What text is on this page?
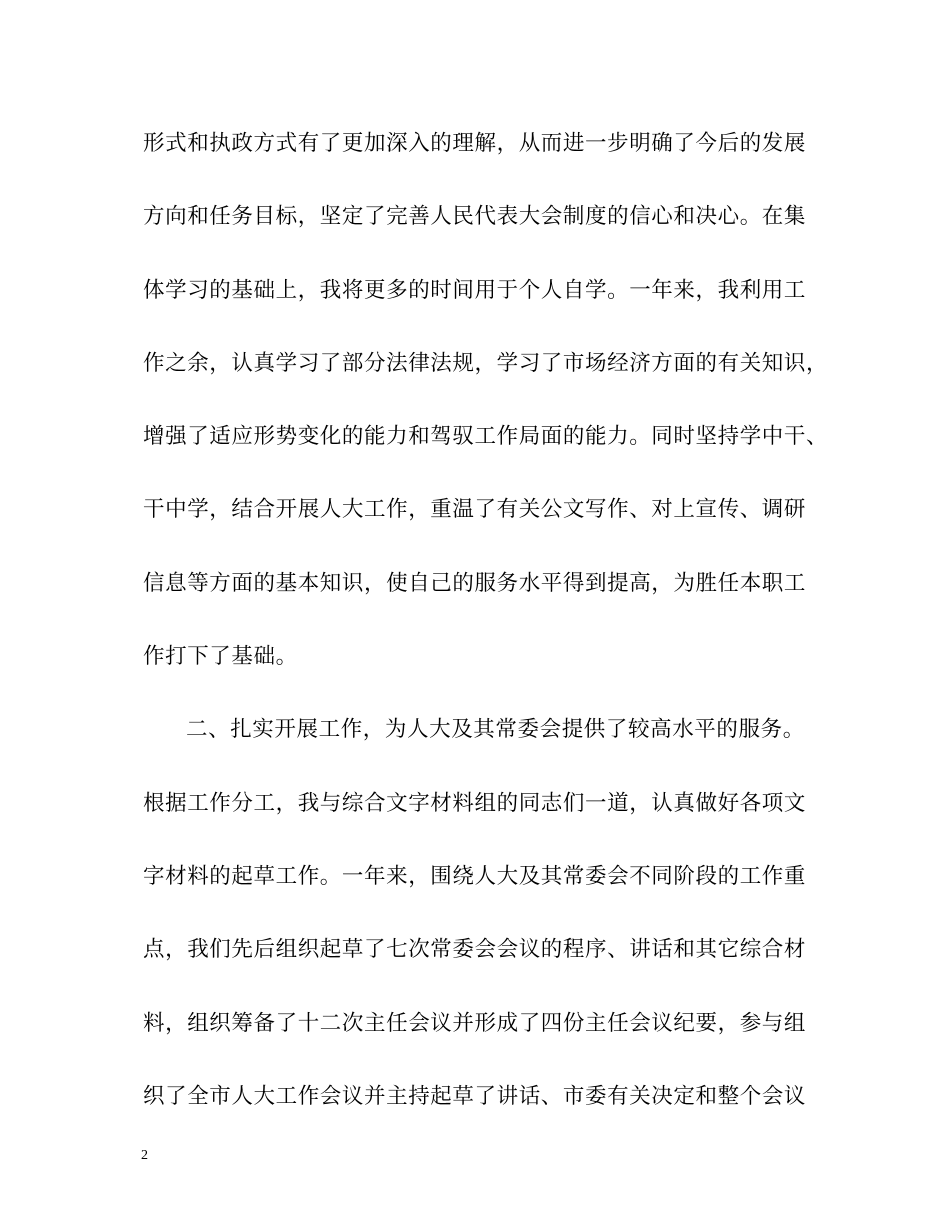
形式和执政方式有了更加深入的理解，从而进一步明确了今后的发展
方向和任务目标，坚定了完善人民代表大会制度的信心和决心。在集
体学习的基础上，我将更多的时间用于个人自学。一年来，我利用工
作之余，认真学习了部分法律法规，学习了市场经济方面的有关知识，
增强了适应形势变化的能力和驾驭工作局面的能力。同时坚持学中干、
干中学，结合开展人大工作，重温了有关公文写作、对上宣传、调研
信息等方面的基本知识，使自己的服务水平得到提高，为胜任本职工
作打下了基础。
二、扎实开展工作，为人大及其常委会提供了较高水平的服务。
根据工作分工，我与综合文字材料组的同志们一道，认真做好各项文
字材料的起草工作。一年来，围绕人大及其常委会不同阶段的工作重
点，我们先后组织起草了七次常委会会议的程序、讲话和其它综合材
料，组织筹备了十二次主任会议并形成了四份主任会议纪要，参与组
织了全市人大工作会议并主持起草了讲话、市委有关决定和整个会议
2
